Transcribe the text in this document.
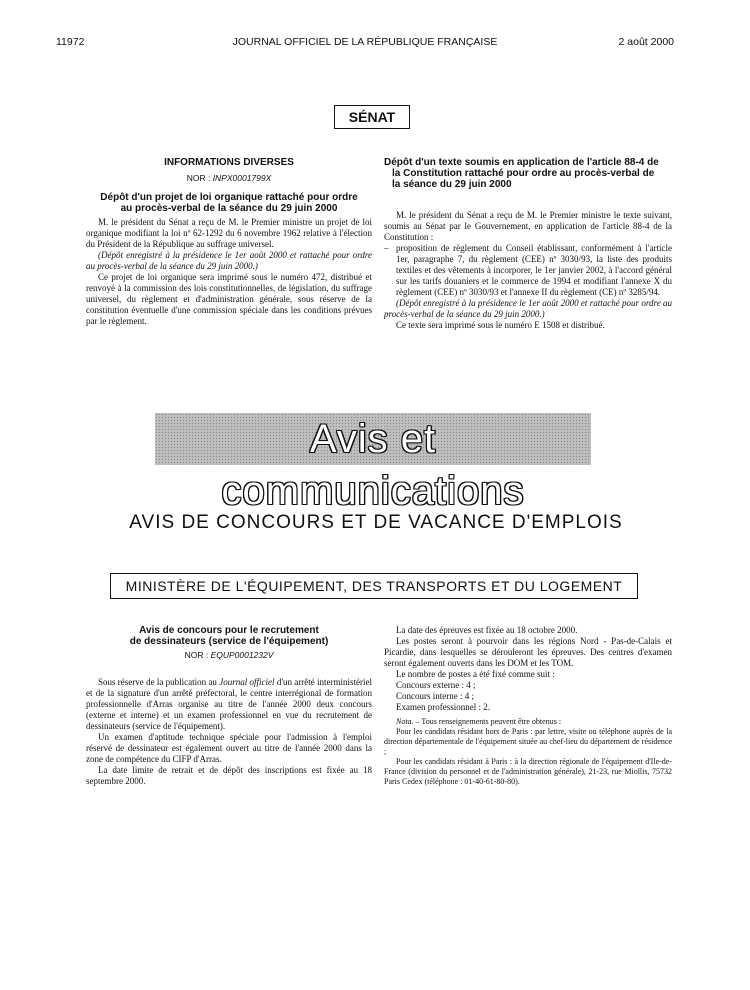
11972	JOURNAL OFFICIEL DE LA RÉPUBLIQUE FRANÇAISE	2 août 2000
SÉNAT
INFORMATIONS DIVERSES
NOR : INPX0001799X
Dépôt d'un projet de loi organique rattaché pour ordre
au procès-verbal de la séance du 29 juin 2000

M. le président du Sénat a reçu de M. le Premier ministre un projet de loi organique modifiant la loi nº 62-1292 du 6 novembre 1962 relative à l'élection du Président de la République au suffrage universel.

(Dépôt enregistré à la présidence le 1er août 2000 et rattaché pour ordre au procès-verbal de la séance du 29 juin 2000.)

Ce projet de loi organique sera imprimé sous le numéro 472, distribué et renvoyé à la commission des lois constitutionnelles, de législation, du suffrage universel, du règlement et d'administration générale, sous réserve de la constitution éventuelle d'une commission spéciale dans les conditions prévues par le règlement.

Dépôt d'un texte soumis en application de l'article 88-4 de
la Constitution rattaché pour ordre au procès-verbal de
la séance du 29 juin 2000

M. le président du Sénat a reçu de M. le Premier ministre le texte suivant, soumis au Sénat par le Gouvernement, en application de l'article 88-4 de la Constitution :

– proposition de règlement du Conseil établissant, conformément à l'article 1er, paragraphe 7, du règlement (CEE) nº 3030/93, la liste des produits textiles et des vêtements à incorporer, le 1er janvier 2002, à l'accord général sur les tarifs douaniers et le commerce de 1994 et modifiant l'annexe X du règlement (CEE) nº 3030/93 et l'annexe II du règlement (CE) nº 3285/94.

(Dépôt enregistré à la présidence le 1er août 2000 et rattaché pour ordre au procès-verbal de la séance du 29 juin 2000.)

Ce texte sera imprimé sous le numéro E 1508 et distribué.

Avis et communications
AVIS DE CONCOURS ET DE VACANCE D'EMPLOIS
MINISTÈRE DE L'ÉQUIPEMENT, DES TRANSPORTS ET DU LOGEMENT
Avis de concours pour le recrutement
de dessinateurs (service de l'équipement)
NOR : EQUP0001232V

Sous réserve de la publication au Journal officiel d'un arrêté interministériel et de la signature d'un arrêté préfectoral, le centre interrégional de formation professionnelle d'Arras organise au titre de l'année 2000 deux concours (externe et interne) et un examen professionnel en vue du recrutement de dessinateurs (service de l'équipement).

Un examen d'aptitude technique spéciale pour l'admission à l'emploi réservé de dessinateur est également ouvert au titre de l'année 2000 dans la zone de compétence du CIFP d'Arras.

La date limite de retrait et de dépôt des inscriptions est fixée au 18 septembre 2000.

La date des épreuves est fixée au 18 octobre 2000.

Les postes seront à pourvoir dans les régions Nord - Pas-de-Calais et Picardie, dans lesquelles se dérouleront les épreuves. Des centres d'examen seront également ouverts dans les DOM et les TOM.

Le nombre de postes a été fixé comme suit :

Concours externe : 4 ;

Concours interne : 4 ;

Examen professionnel : 2.

Nota. – Tous renseignements peuvent être obtenus :

Pour les candidats résidant hors de Paris : par lettre, visite ou téléphone auprès de la direction départementale de l'équipement située au chef-lieu du département de résidence ;

Pour les candidats résidant à Paris : à la direction régionale de l'équipement d'Ile-de-France (division du personnel et de l'administration générale), 21-23, rue Miollis, 75732 Paris Cedex (téléphone : 01-40-61-80-80).
